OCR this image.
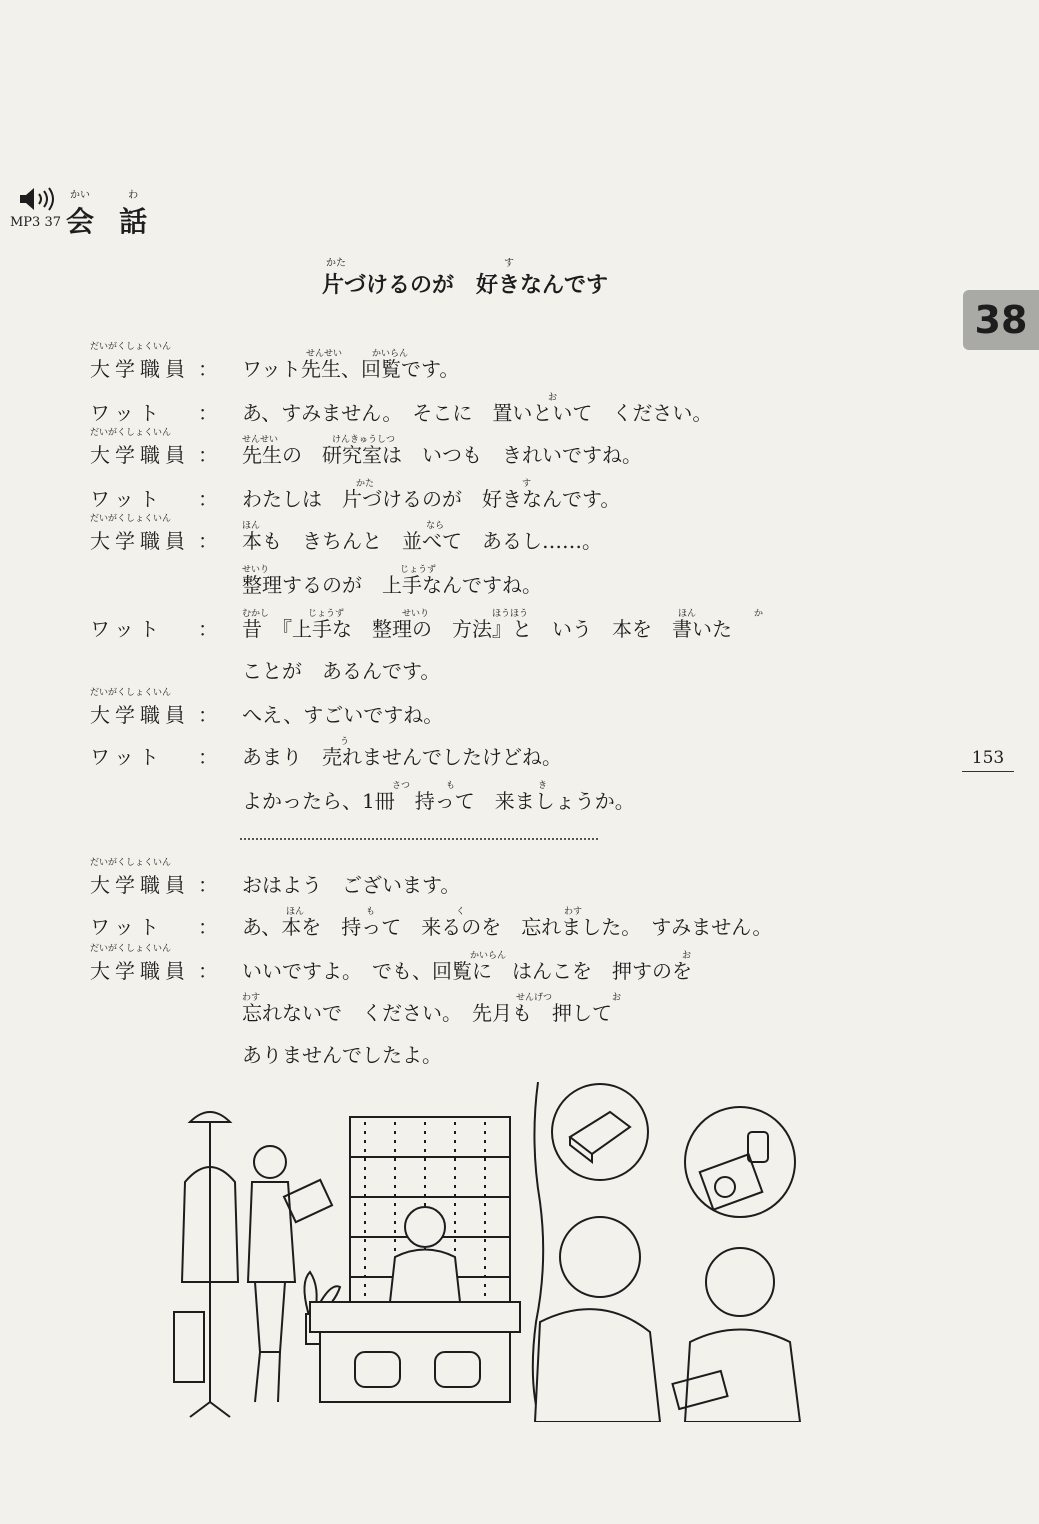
MP3 37
かい
会
わ
話
38
153
かた	す
片づけるのが　好きなんです
大学職員
だいがくしょくいん
：
せんせい	かいらん
ワット先生、回覧です。
ワット ：
お
あ、すみません。　そこに　置いといて　ください。
大学職員
だいがくしょくいん
：
せんせい	けんきゅうしつ
先生の　研究室は　いつも　きれいですね。
ワット ：
かた	す
わたしは　片づけるのが　好きなんです。
大学職員
だいがくしょくいん
：
ほん	なら
本も　きちんと　並べて　あるし……。
せいり	じょうず
整理するのが　上手なんですね。
ワット ：
むかし	じょうず	せいり	ほうほう	ほん	か
昔　『上手な　整理の　方法』と　いう　本を　書いた
ことが　あるんです。
大学職員
だいがくしょくいん
： へえ、すごいですね。
ワット ：
う
あまり　売れませんでしたけどね。
さつ	も	き
よかったら、1冊　持って　来ましょうか。
大学職員
だいがくしょくいん
： おはよう　ございます。
ワット ：
ほん	も	く	わす
あ、本を　持って　来るのを　忘れました。　すみません。
大学職員
だいがくしょくいん
：
かいらん	お
いいですよ。　でも、回覧に　はんこを　押すのを
わす	せんげつ	お
忘れないで　ください。　先月も　押して
ありませんでしたよ。
